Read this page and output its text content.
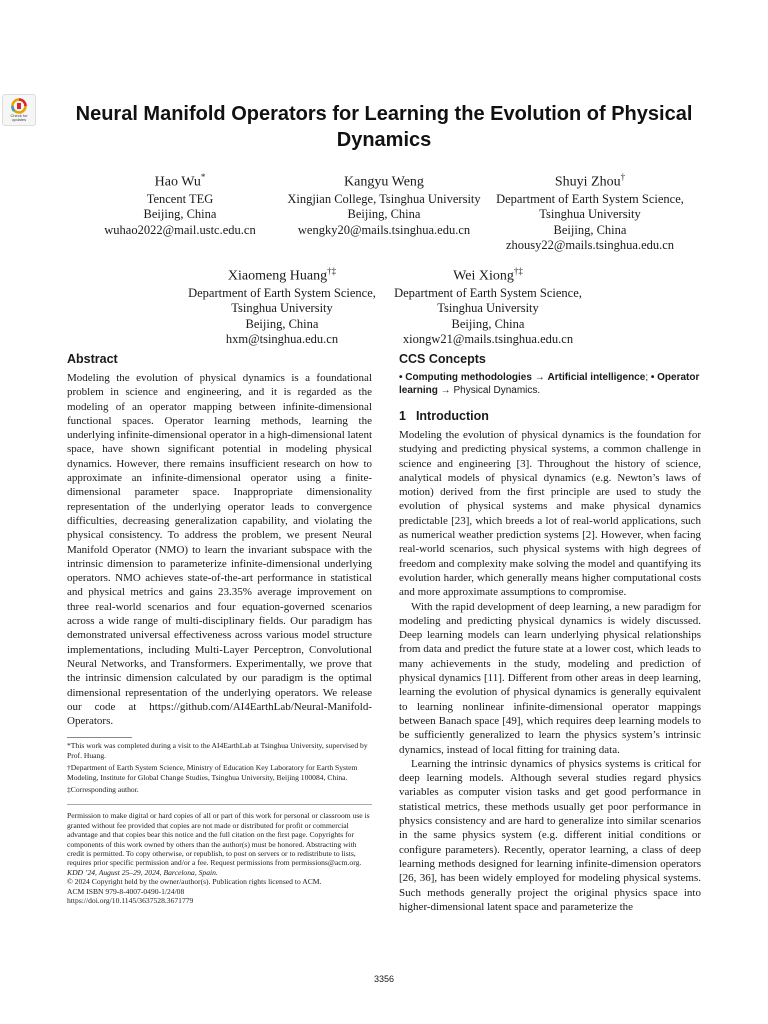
Check for updates	Neural Manifold Operators for Learning the Evolution of Physical Dynamics
Hao Wu*
Tencent TEG
Beijing, China
wuhao2022@mail.ustc.edu.cn
Kangyu Weng
Xingjian College, Tsinghua University
Beijing, China
wengky20@mails.tsinghua.edu.cn
Shuyi Zhou†
Department of Earth System Science,
Tsinghua University
Beijing, China
zhousy22@mails.tsinghua.edu.cn
Xiaomeng Huang†‡
Department of Earth System Science,
Tsinghua University
Beijing, China
hxm@tsinghua.edu.cn
Wei Xiong†‡
Department of Earth System Science,
Tsinghua University
Beijing, China
xiongw21@mails.tsinghua.edu.cn
Abstract

Modeling the evolution of physical dynamics is a foundational problem in science and engineering, and it is regarded as the modeling of an operator mapping between infinite-dimensional functional spaces. Operator learning methods, learning the underlying infinite-dimensional operator in a high-dimensional latent space, have shown significant potential in modeling physical dynamics. However, there remains insufficient research on how to approximate an infinite-dimensional operator using a finite-dimensional parameter space. Inappropriate dimensionality representation of the underlying operator leads to convergence difficulties, decreasing generalization capability, and violating the physical consistency. To address the problem, we present Neural Manifold Operator (NMO) to learn the invariant subspace with the intrinsic dimension to parameterize infinite-dimensional underlying operators. NMO achieves state-of-the-art performance in statistical and physical metrics and gains 23.35% average improvement on three real-world scenarios and four equation-governed scenarios across a wide range of multi-disciplinary fields. Our paradigm has demonstrated universal effectiveness across various model structure implementations, including Multi-Layer Perceptron, Convolutional Neural Networks, and Transformers. Experimentally, we prove that the intrinsic dimension calculated by our paradigm is the optimal dimensional representation of the underlying operators. We release our code at https://github.com/AI4EarthLab/Neural-Manifold-Operators.

*This work was completed during a visit to the AI4EarthLab at Tsinghua University, supervised by Prof. Huang.

†Department of Earth System Science, Ministry of Education Key Laboratory for Earth System Modeling, Institute for Global Change Studies, Tsinghua University, Beijing 100084, China.

‡Corresponding author.

Permission to make digital or hard copies of all or part of this work for personal or classroom use is granted without fee provided that copies are not made or distributed for profit or commercial advantage and that copies bear this notice and the full citation on the first page. Copyrights for components of this work owned by others than the author(s) must be honored. Abstracting with credit is permitted. To copy otherwise, or republish, to post on servers or to redistribute to lists, requires prior specific permission and/or a fee. Request permissions from permissions@acm.org.
KDD ’24, August 25–29, 2024, Barcelona, Spain.
© 2024 Copyright held by the owner/author(s). Publication rights licensed to ACM.
ACM ISBN 979-8-4007-0490-1/24/08
https://doi.org/10.1145/3637528.3671779
CCS Concepts
• Computing methodologies → Artificial intelligence; • Operator learning → Physical Dynamics.
1 Introduction

Modeling the evolution of physical dynamics is the foundation for studying and predicting physical systems, a common challenge in science and engineering [3]. Throughout the history of science, analytical models of physical dynamics (e.g. Newton’s laws of motion) derived from the first principle are used to study the evolution of physical systems and make physical dynamics predictable [23], which breeds a lot of real-world applications, such as numerical weather prediction systems [2]. However, when facing real-world scenarios, such physical systems with high degrees of freedom and complexity make solving the model and quantifying its evolution harder, which generally means higher computational costs and more approximate assumptions to compromise.

With the rapid development of deep learning, a new paradigm for modeling and predicting physical dynamics is widely discussed. Deep learning models can learn underlying physical relationships from data and predict the future state at a lower cost, which leads to many achievements in the study, modeling and prediction of physical dynamics [11]. Different from other areas in deep learning, learning the evolution of physical dynamics is generally equivalent to learning nonlinear infinite-dimensional operator mappings between Banach space [49], which requires deep learning models to be sufficiently generalized to learn the physics system’s intrinsic dynamics, instead of local fitting for training data.

Learning the intrinsic dynamics of physics systems is critical for deep learning models. Although several studies regard physics variables as computer vision tasks and get good performance in statistical metrics, these methods usually get poor performance in physics consistency and are hard to generalize into similar scenarios in the same physics system (e.g. different initial conditions or configure parameters). Recently, operator learning, a class of deep learning methods designed for learning infinite-dimension operators [26, 36], has been widely employed for modeling physical systems. Such methods generally project the original physics space into higher-dimensional latent space and parameterize the

3356
